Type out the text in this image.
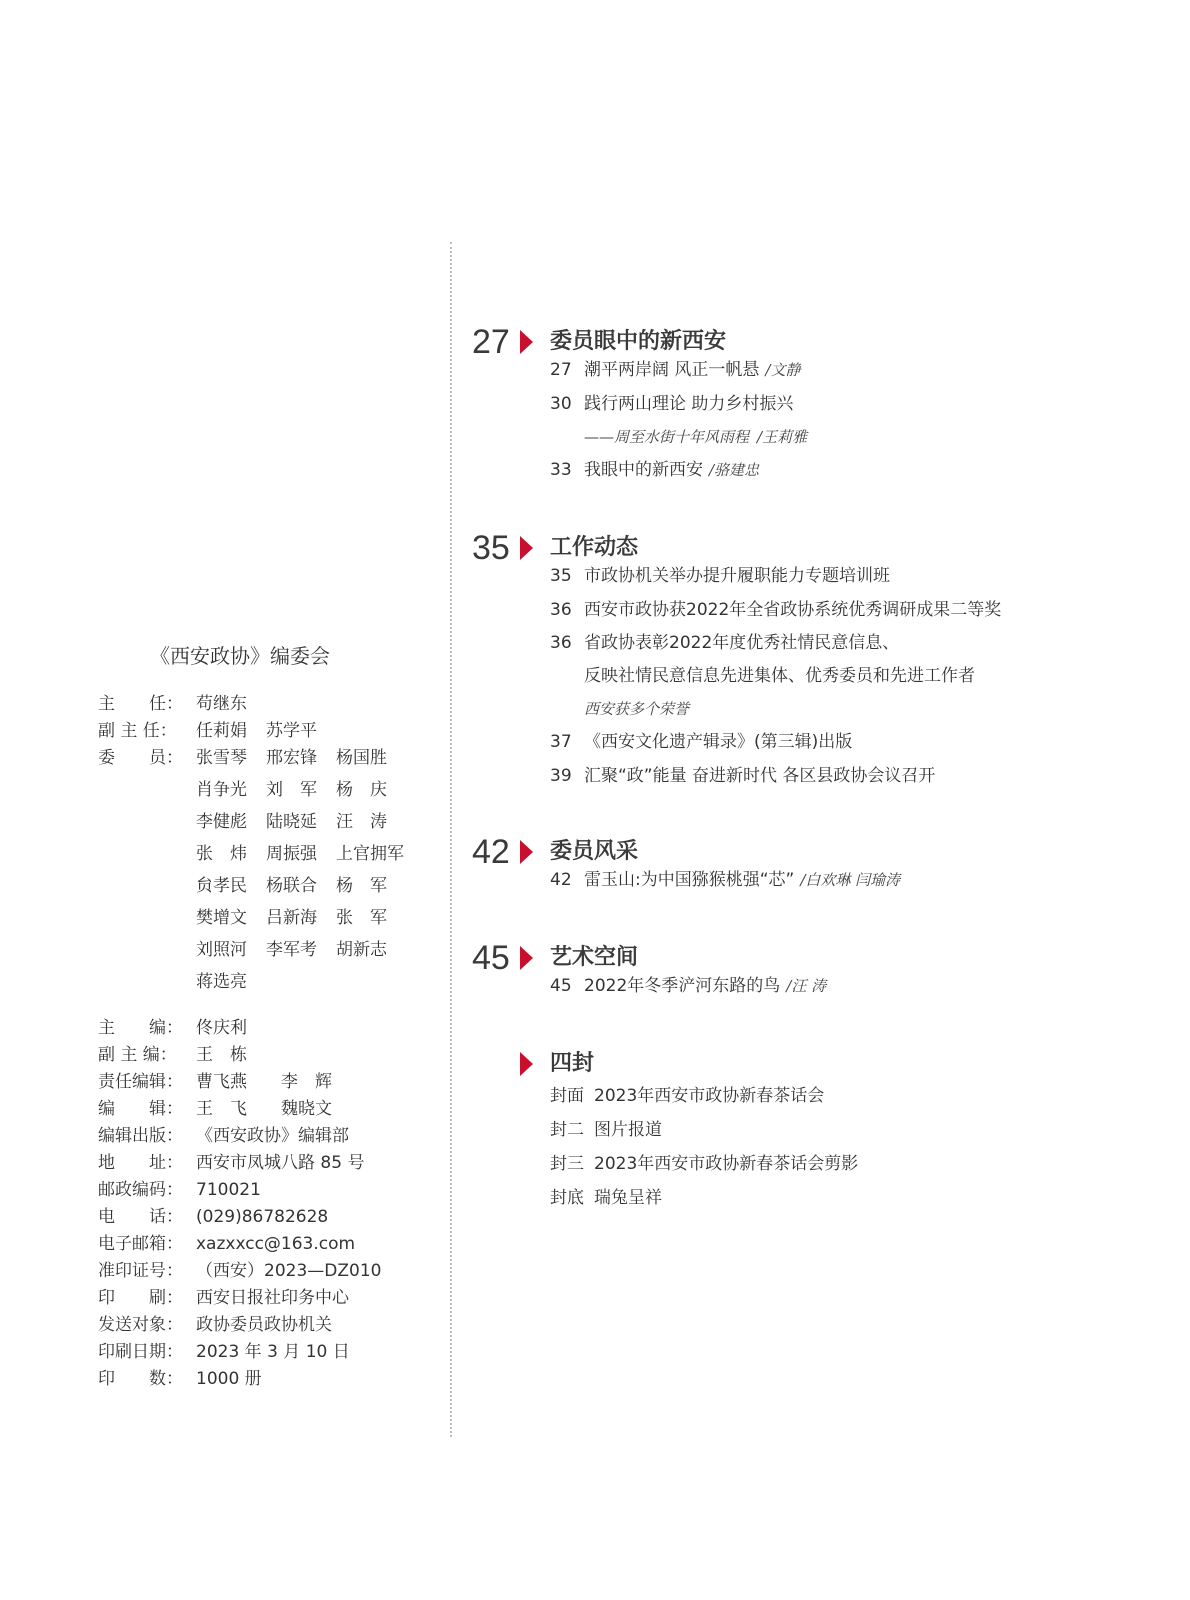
《西安政协》编委会
主　　任： 苟继东
副 主 任： 任莉娟 苏学平
委　　员： 张雪琴 邢宏锋 杨国胜
肖争光 刘　军 杨　庆
李健彪 陆晓延 汪　涛
张　炜 周振强 上官拥军
贠孝民 杨联合 杨　军
樊增文 吕新海 张　军
刘照河 李军考 胡新志
蒋选亮
主　　编： 佟庆利
副 主 编： 王　栋
责任编辑： 曹飞燕　　李　辉
编　　辑： 王　飞　　魏晓文
编辑出版： 《西安政协》编辑部
地　　址： 西安市凤城八路 85 号
邮政编码： 710021
电　　话： (029)86782628
电子邮箱： xazxxcc@163.com
准印证号： （西安）2023—DZ010
印　　刷： 西安日报社印务中心
发送对象： 政协委员政协机关
印刷日期： 2023 年 3 月 10 日
印　　数： 1000 册
27 委员眼中的新西安
27 潮平两岸阔 风正一帆悬 /文静
30 践行两山理论 助力乡村振兴
——周至水街十年风雨程 /王莉雅
33 我眼中的新西安 /骆建忠
35 工作动态
35 市政协机关举办提升履职能力专题培训班
36 西安市政协获2022年全省政协系统优秀调研成果二等奖
36 省政协表彰2022年度优秀社情民意信息、
反映社情民意信息先进集体、优秀委员和先进工作者
西安获多个荣誉
37 《西安文化遗产辑录》(第三辑)出版
39 汇聚“政”能量 奋进新时代 各区县政协会议召开
42 委员风采
42 雷玉山:为中国猕猴桃强“芯” /白欢琳 闫瑜涛
45 艺术空间
45 2022年冬季浐河东路的鸟 /汪 涛
四封
封面 2023年西安市政协新春茶话会
封二 图片报道
封三 2023年西安市政协新春茶话会剪影
封底 瑞兔呈祥
